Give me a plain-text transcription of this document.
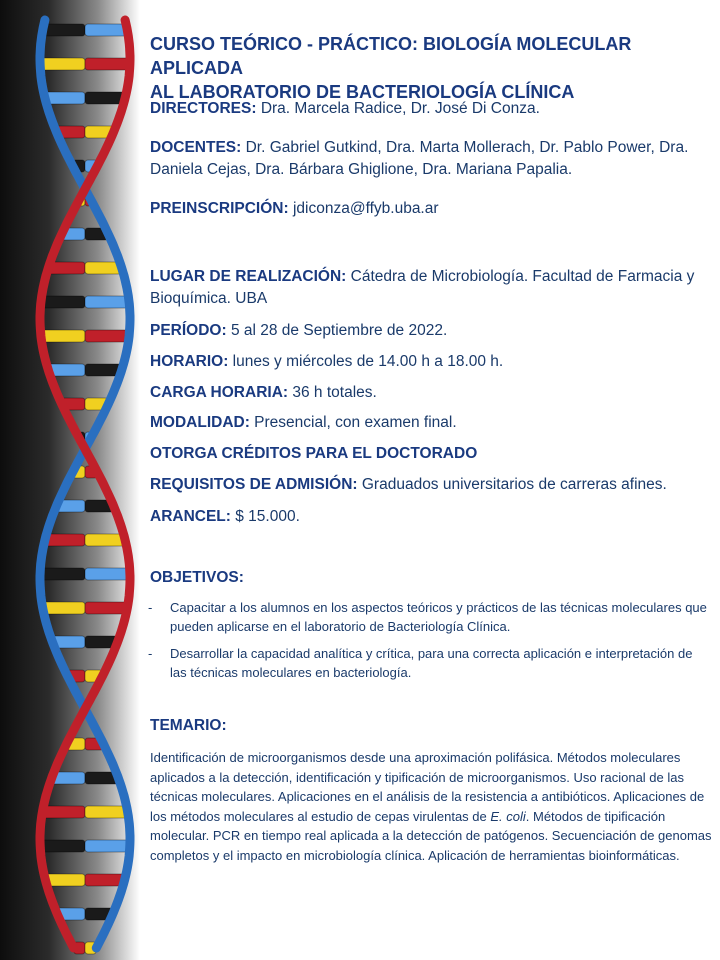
CURSO TEÓRICO - PRÁCTICO: BIOLOGÍA MOLECULAR APLICADA
AL LABORATORIO DE BACTERIOLOGÍA CLÍNICA
DIRECTORES: Dra. Marcela Radice, Dr. José Di Conza.
DOCENTES: Dr. Gabriel Gutkind, Dra. Marta Mollerach, Dr. Pablo Power, Dra. Daniela Cejas, Dra. Bárbara Ghiglione, Dra. Mariana Papalia.
PREINSCRIPCIÓN: jdiconza@ffyb.uba.ar
LUGAR DE REALIZACIÓN: Cátedra de Microbiología. Facultad de Farmacia y Bioquímica. UBA
PERÍODO: 5 al 28 de Septiembre de 2022.
HORARIO: lunes y miércoles de 14.00 h a 18.00 h.
CARGA HORARIA: 36 h totales.
MODALIDAD: Presencial, con examen final.
OTORGA CRÉDITOS PARA EL DOCTORADO
REQUISITOS DE ADMISIÓN: Graduados universitarios de carreras afines.
ARANCEL: $ 15.000.
OBJETIVOS:
- Capacitar a los alumnos en los aspectos teóricos y prácticos de las técnicas moleculares que pueden aplicarse en el laboratorio de Bacteriología Clínica.
- Desarrollar la capacidad analítica y crítica, para una correcta aplicación e interpretación de las técnicas moleculares en bacteriología.
TEMARIO:
Identificación de microorganismos desde una aproximación polifásica. Métodos moleculares aplicados a la detección, identificación y tipificación de microorganismos. Uso racional de las técnicas moleculares. Aplicaciones en el análisis de la resistencia a antibióticos. Aplicaciones de los métodos moleculares al estudio de cepas virulentas de E. coli. Métodos de tipificación molecular. PCR en tiempo real aplicada a la detección de patógenos. Secuenciación de genomas completos y el impacto en microbiología clínica. Aplicación de herramientas bioinformáticas.
